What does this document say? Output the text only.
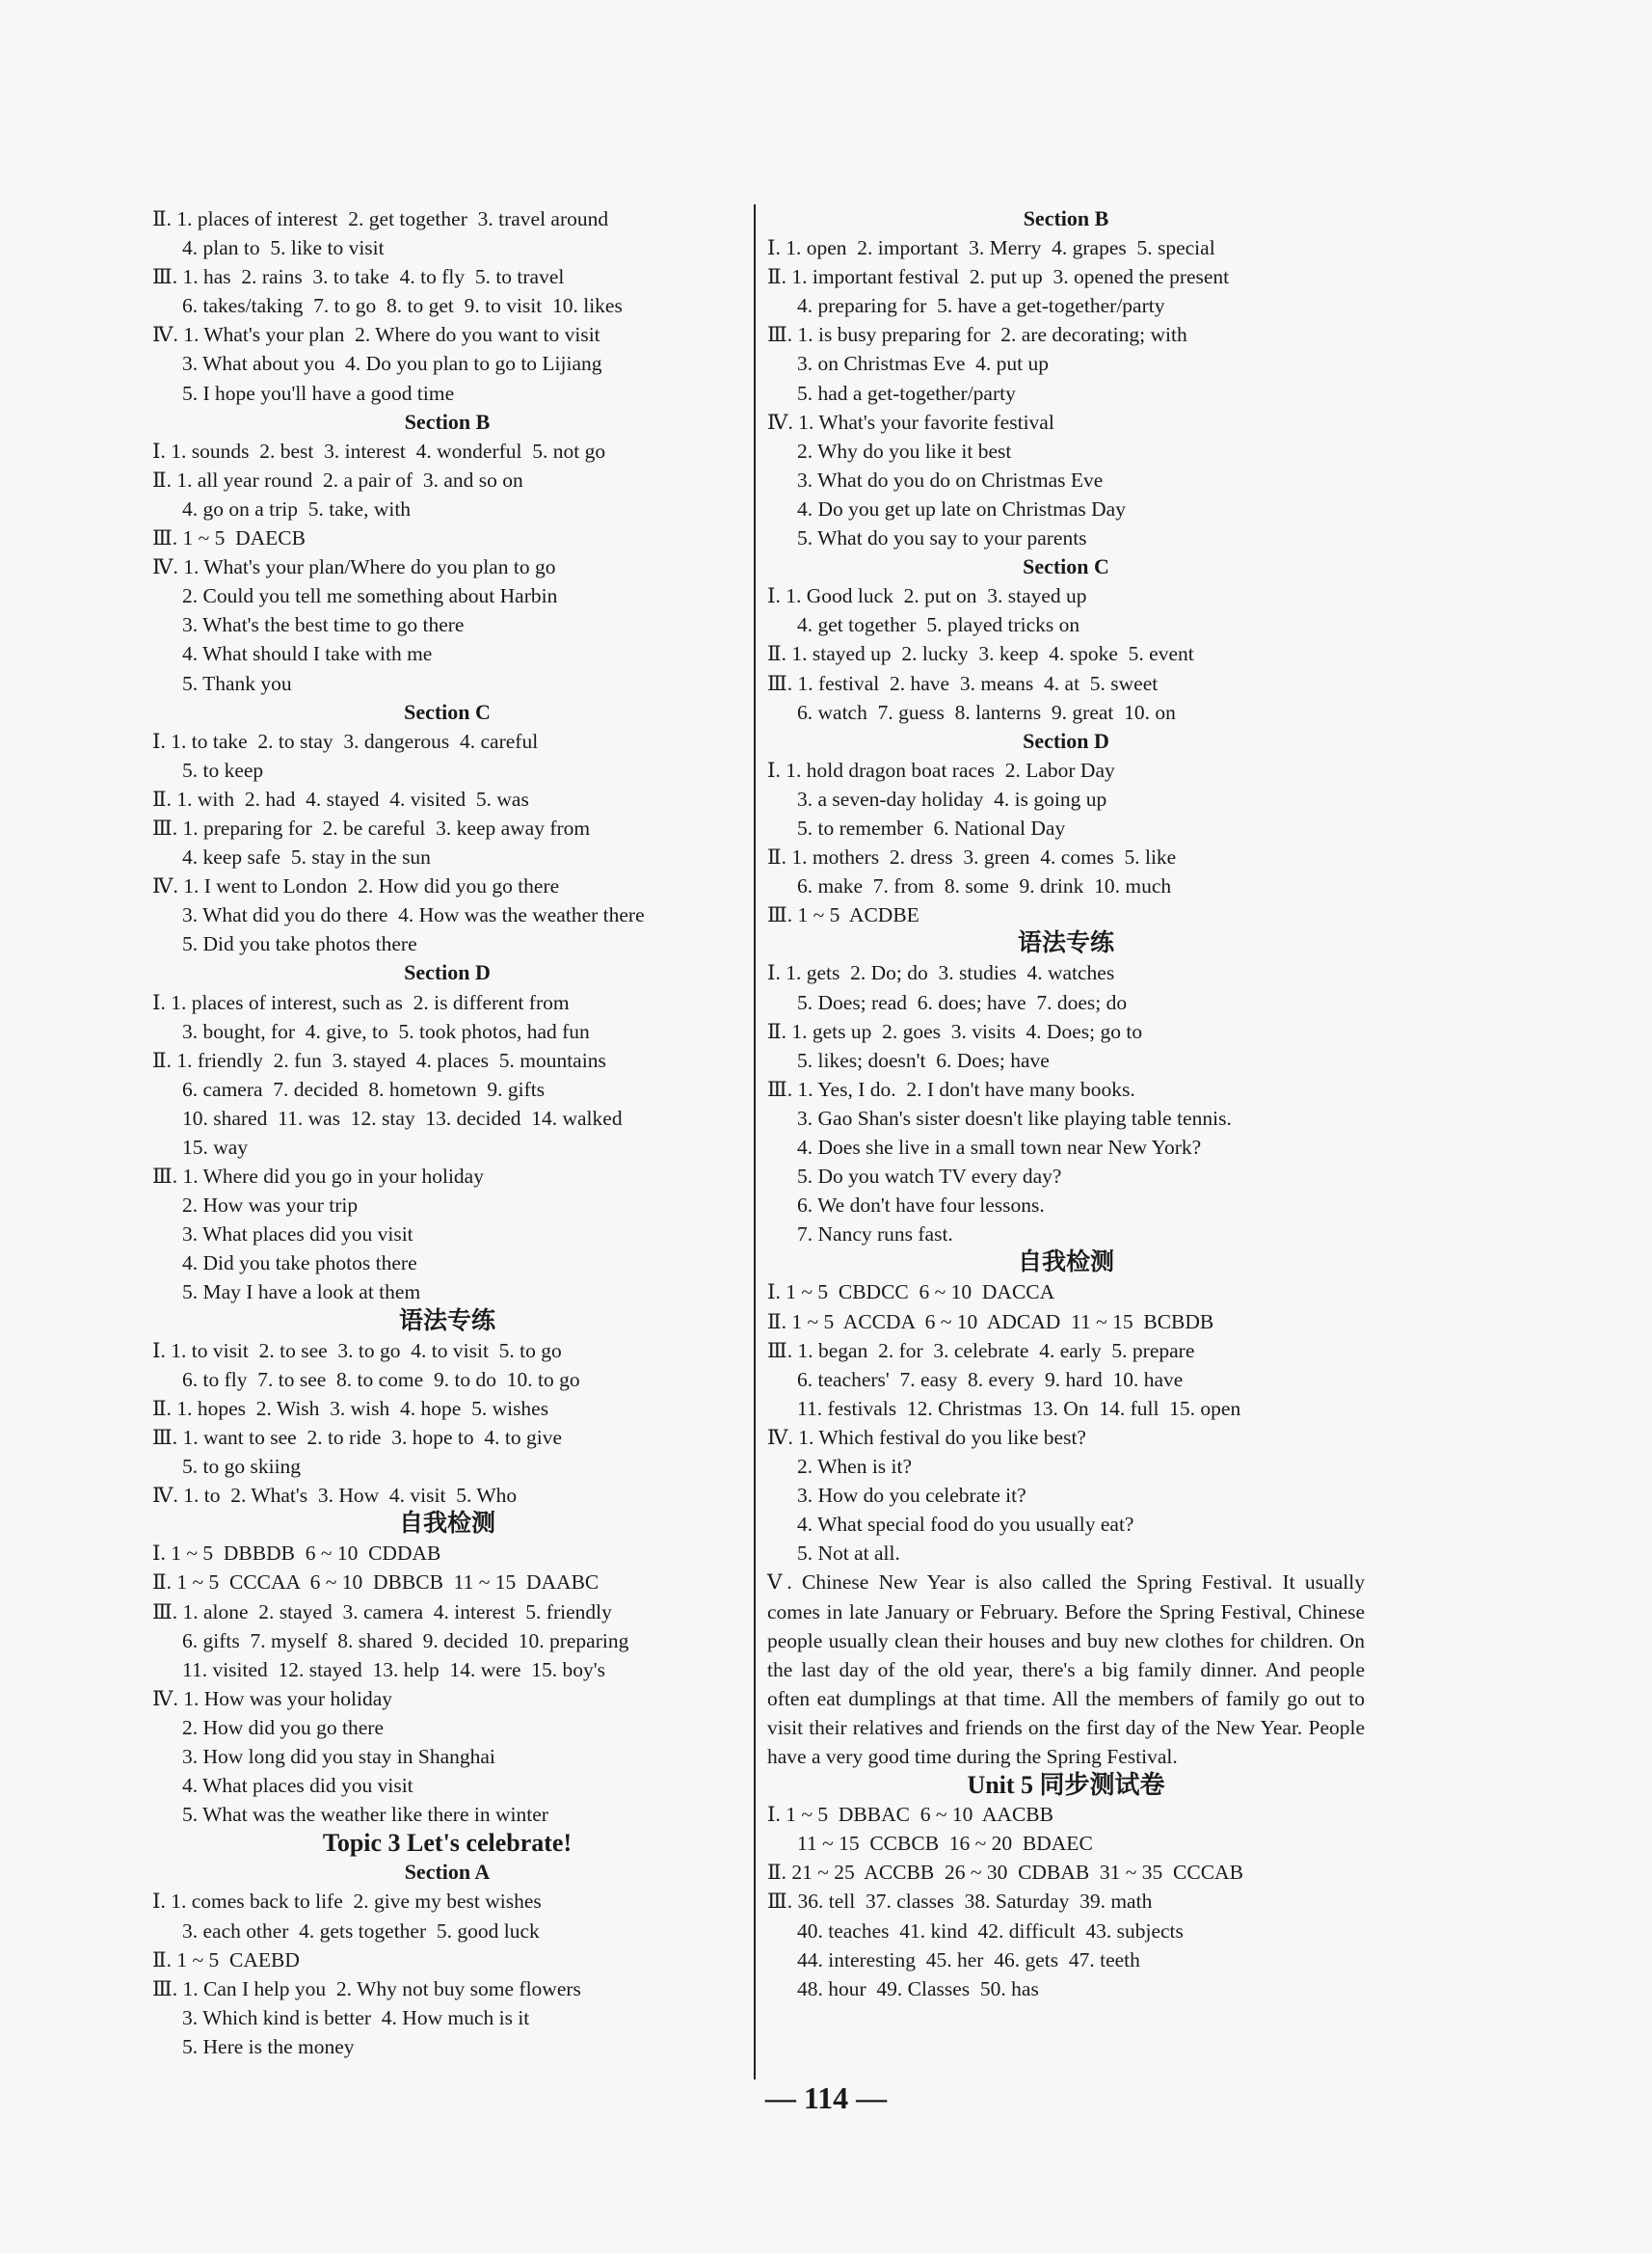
Ⅱ. 1. places of interest  2. get together  3. travel around
4. plan to  5. like to visit
Ⅲ. 1. has  2. rains  3. to take  4. to fly  5. to travel
6. takes/taking  7. to go  8. to get  9. to visit  10. likes
Ⅳ. 1. What's your plan  2. Where do you want to visit
3. What about you  4. Do you plan to go to Lijiang
5. I hope you'll have a good time
Section B
Ⅰ. 1. sounds  2. best  3. interest  4. wonderful  5. not go
Ⅱ. 1. all year round  2. a pair of  3. and so on
4. go on a trip  5. take, with
Ⅲ. 1 ~ 5  DAECB
Ⅳ. 1. What's your plan/Where do you plan to go
2. Could you tell me something about Harbin
3. What's the best time to go there
4. What should I take with me
5. Thank you
Section C
Ⅰ. 1. to take  2. to stay  3. dangerous  4. careful
5. to keep
Ⅱ. 1. with  2. had  4. stayed  4. visited  5. was
Ⅲ. 1. preparing for  2. be careful  3. keep away from
4. keep safe  5. stay in the sun
Ⅳ. 1. I went to London  2. How did you go there
3. What did you do there  4. How was the weather there
5. Did you take photos there
Section D
Ⅰ. 1. places of interest, such as  2. is different from
3. bought, for  4. give, to  5. took photos, had fun
Ⅱ. 1. friendly  2. fun  3. stayed  4. places  5. mountains
6. camera  7. decided  8. hometown  9. gifts
10. shared  11. was  12. stay  13. decided  14. walked
15. way
Ⅲ. 1. Where did you go in your holiday
2. How was your trip
3. What places did you visit
4. Did you take photos there
5. May I have a look at them
语法专练
Ⅰ. 1. to visit  2. to see  3. to go  4. to visit  5. to go
6. to fly  7. to see  8. to come  9. to do  10. to go
Ⅱ. 1. hopes  2. Wish  3. wish  4. hope  5. wishes
Ⅲ. 1. want to see  2. to ride  3. hope to  4. to give
5. to go skiing
Ⅳ. 1. to  2. What's  3. How  4. visit  5. Who
自我检测
Ⅰ. 1 ~ 5  DBBDB  6 ~ 10  CDDAB
Ⅱ. 1 ~ 5  CCCAA  6 ~ 10  DBBCB  11 ~ 15  DAABC
Ⅲ. 1. alone  2. stayed  3. camera  4. interest  5. friendly
6. gifts  7. myself  8. shared  9. decided  10. preparing
11. visited  12. stayed  13. help  14. were  15. boy's
Ⅳ. 1. How was your holiday
2. How did you go there
3. How long did you stay in Shanghai
4. What places did you visit
5. What was the weather like there in winter
Topic 3 Let's celebrate!
Section A
Ⅰ. 1. comes back to life  2. give my best wishes
3. each other  4. gets together  5. good luck
Ⅱ. 1 ~ 5  CAEBD
Ⅲ. 1. Can I help you  2. Why not buy some flowers
3. Which kind is better  4. How much is it
5. Here is the money
Section B
Ⅰ. 1. open  2. important  3. Merry  4. grapes  5. special
Ⅱ. 1. important festival  2. put up  3. opened the present
4. preparing for  5. have a get-together/party
Ⅲ. 1. is busy preparing for  2. are decorating; with
3. on Christmas Eve  4. put up
5. had a get-together/party
Ⅳ. 1. What's your favorite festival
2. Why do you like it best
3. What do you do on Christmas Eve
4. Do you get up late on Christmas Day
5. What do you say to your parents
Section C
Ⅰ. 1. Good luck  2. put on  3. stayed up
4. get together  5. played tricks on
Ⅱ. 1. stayed up  2. lucky  3. keep  4. spoke  5. event
Ⅲ. 1. festival  2. have  3. means  4. at  5. sweet
6. watch  7. guess  8. lanterns  9. great  10. on
Section D
Ⅰ. 1. hold dragon boat races  2. Labor Day
3. a seven-day holiday  4. is going up
5. to remember  6. National Day
Ⅱ. 1. mothers  2. dress  3. green  4. comes  5. like
6. make  7. from  8. some  9. drink  10. much
Ⅲ. 1 ~ 5  ACDBE
语法专练
Ⅰ. 1. gets  2. Do; do  3. studies  4. watches
5. Does; read  6. does; have  7. does; do
Ⅱ. 1. gets up  2. goes  3. visits  4. Does; go to
5. likes; doesn't  6. Does; have
Ⅲ. 1. Yes, I do.  2. I don't have many books.
3. Gao Shan's sister doesn't like playing table tennis.
4. Does she live in a small town near New York?
5. Do you watch TV every day?
6. We don't have four lessons.
7. Nancy runs fast.
自我检测
Ⅰ. 1 ~ 5  CBDCC  6 ~ 10  DACCA
Ⅱ. 1 ~ 5  ACCDA  6 ~ 10  ADCAD  11 ~ 15  BCBDB
Ⅲ. 1. began  2. for  3. celebrate  4. early  5. prepare
6. teachers'  7. easy  8. every  9. hard  10. have
11. festivals  12. Christmas  13. On  14. full  15. open
Ⅳ. 1. Which festival do you like best?
2. When is it?
3. How do you celebrate it?
4. What special food do you usually eat?
5. Not at all.
Ⅴ. Chinese New Year is also called the Spring Festival. It usually comes in late January or February. Before the Spring Festival, Chinese people usually clean their houses and buy new clothes for children. On the last day of the old year, there's a big family dinner. And people often eat dumplings at that time. All the members of family go out to visit their relatives and friends on the first day of the New Year. People have a very good time during the Spring Festival.
Unit 5 同步测试卷
Ⅰ. 1 ~ 5  DBBAC  6 ~ 10  AACBB
11 ~ 15  CCBCB  16 ~ 20  BDAEC
Ⅱ. 21 ~ 25  ACCBB  26 ~ 30  CDBAB  31 ~ 35  CCCAB
Ⅲ. 36. tell  37. classes  38. Saturday  39. math
40. teaches  41. kind  42. difficult  43. subjects
44. interesting  45. her  46. gets  47. teeth
48. hour  49. Classes  50. has
— 114 —
